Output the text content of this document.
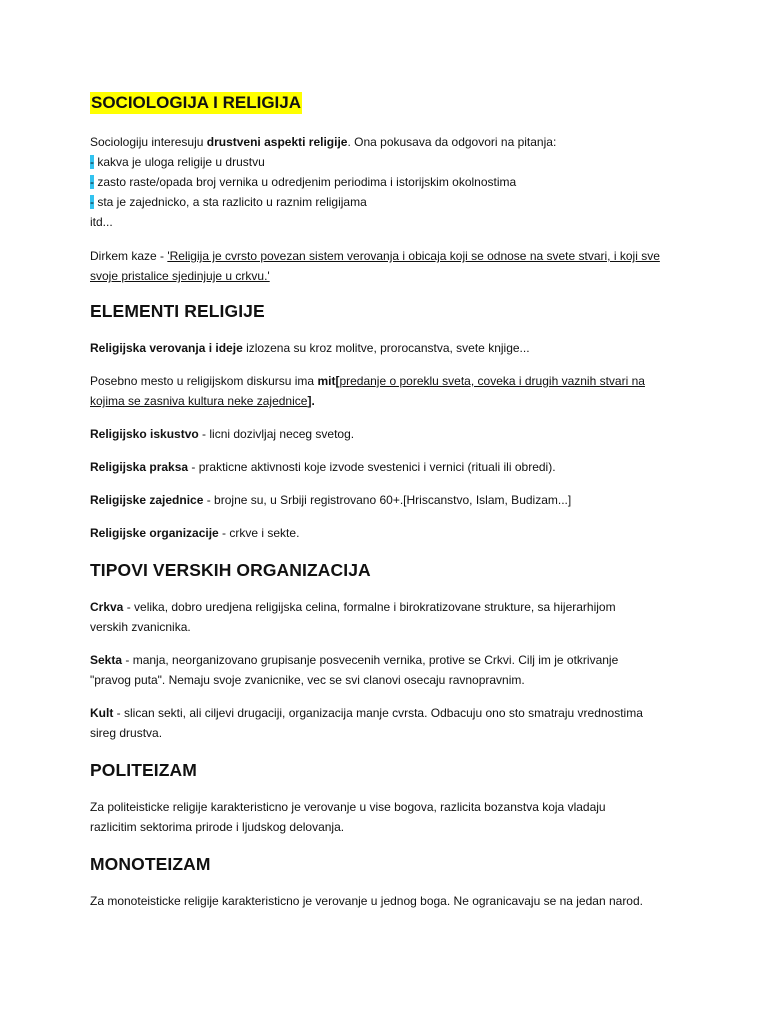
SOCIOLOGIJA I RELIGIJA
Sociologiju interesuju drustveni aspekti religije. Ona pokusava da odgovori na pitanja:
- kakva je uloga religije u drustvu
- zasto raste/opada broj vernika u odredjenim periodima i istorijskim okolnostima
- sta je zajednicko, a sta razlicito u raznim religijama
itd...
Dirkem kaze - 'Religija je cvrsto povezan sistem verovanja i obicaja koji se odnose na svete stvari, i koji sve
svoje pristalice sjedinjuje u crkvu.'
ELEMENTI RELIGIJE
Religijska verovanja i ideje izlozena su kroz molitve, prorocanstva, svete knjige...
Posebno mesto u religijskom diskursu ima mit[predanje o poreklu sveta, coveka i drugih vaznih stvari na
kojima se zasniva kultura neke zajednice].
Religijsko iskustvo - licni dozivljaj neceg svetog.
Religijska praksa - prakticne aktivnosti koje izvode svestenici i vernici (rituali ili obredi).
Religijske zajednice - brojne su, u Srbiji registrovano 60+.[Hriscanstvo, Islam, Budizam...]
Religijske organizacije - crkve i sekte.
TIPOVI VERSKIH ORGANIZACIJA
Crkva - velika, dobro uredjena religijska celina, formalne i birokratizovane strukture, sa hijerarhijom
verskih zvanicnika.
Sekta - manja, neorganizovano grupisanje posvecenih vernika, protive se Crkvi. Cilj im je otkrivanje
"pravog puta". Nemaju svoje zvanicnike, vec se svi clanovi osecaju ravnopravnim.
Kult - slican sekti, ali ciljevi drugaciji, organizacija manje cvrsta. Odbacuju ono sto smatraju vrednostima
sireg drustva.
POLITEIZAM
Za politeisticke religije karakteristicno je verovanje u vise bogova, razlicita bozanstva koja vladaju
razlicitim sektorima prirode i ljudskog delovanja.
MONOTEIZAM
Za monoteisticke religije karakteristicno je verovanje u jednog boga. Ne ogranicavaju se na jedan narod.
